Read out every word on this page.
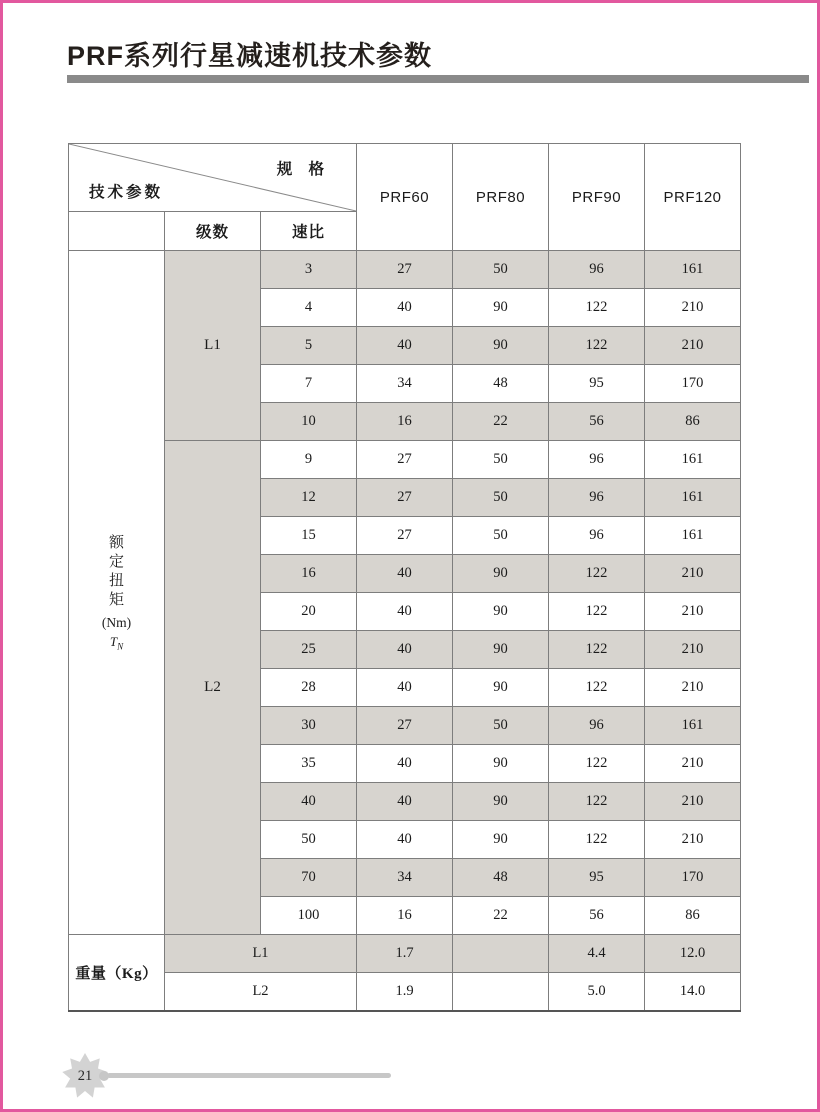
PRF系列行星减速机技术参数
规 格
技术参数			PRF60	PRF80	PRF90	PRF120
	级数	速比				

额
定
扭
矩
(Nm)
$T_N$
	L1	3	27	50	96	161
		4	40	90	122	210
		5	40	90	122	210
		7	34	48	95	170
		10	16	22	56	86
	L2	9	27	50	96	161
		12	27	50	96	161
		15	27	50	96	161
		16	40	90	122	210
		20	40	90	122	210
		25	40	90	122	210
		28	40	90	122	210
		30	27	50	96	161
		35	40	90	122	210
		40	40	90	122	210
		50	40	90	122	210
		70	34	48	95	170
		100	16	22	56	86
重量（Kg）	L1		1.7		4.4	12.0
	L2		1.9		5.0	14.0
21
